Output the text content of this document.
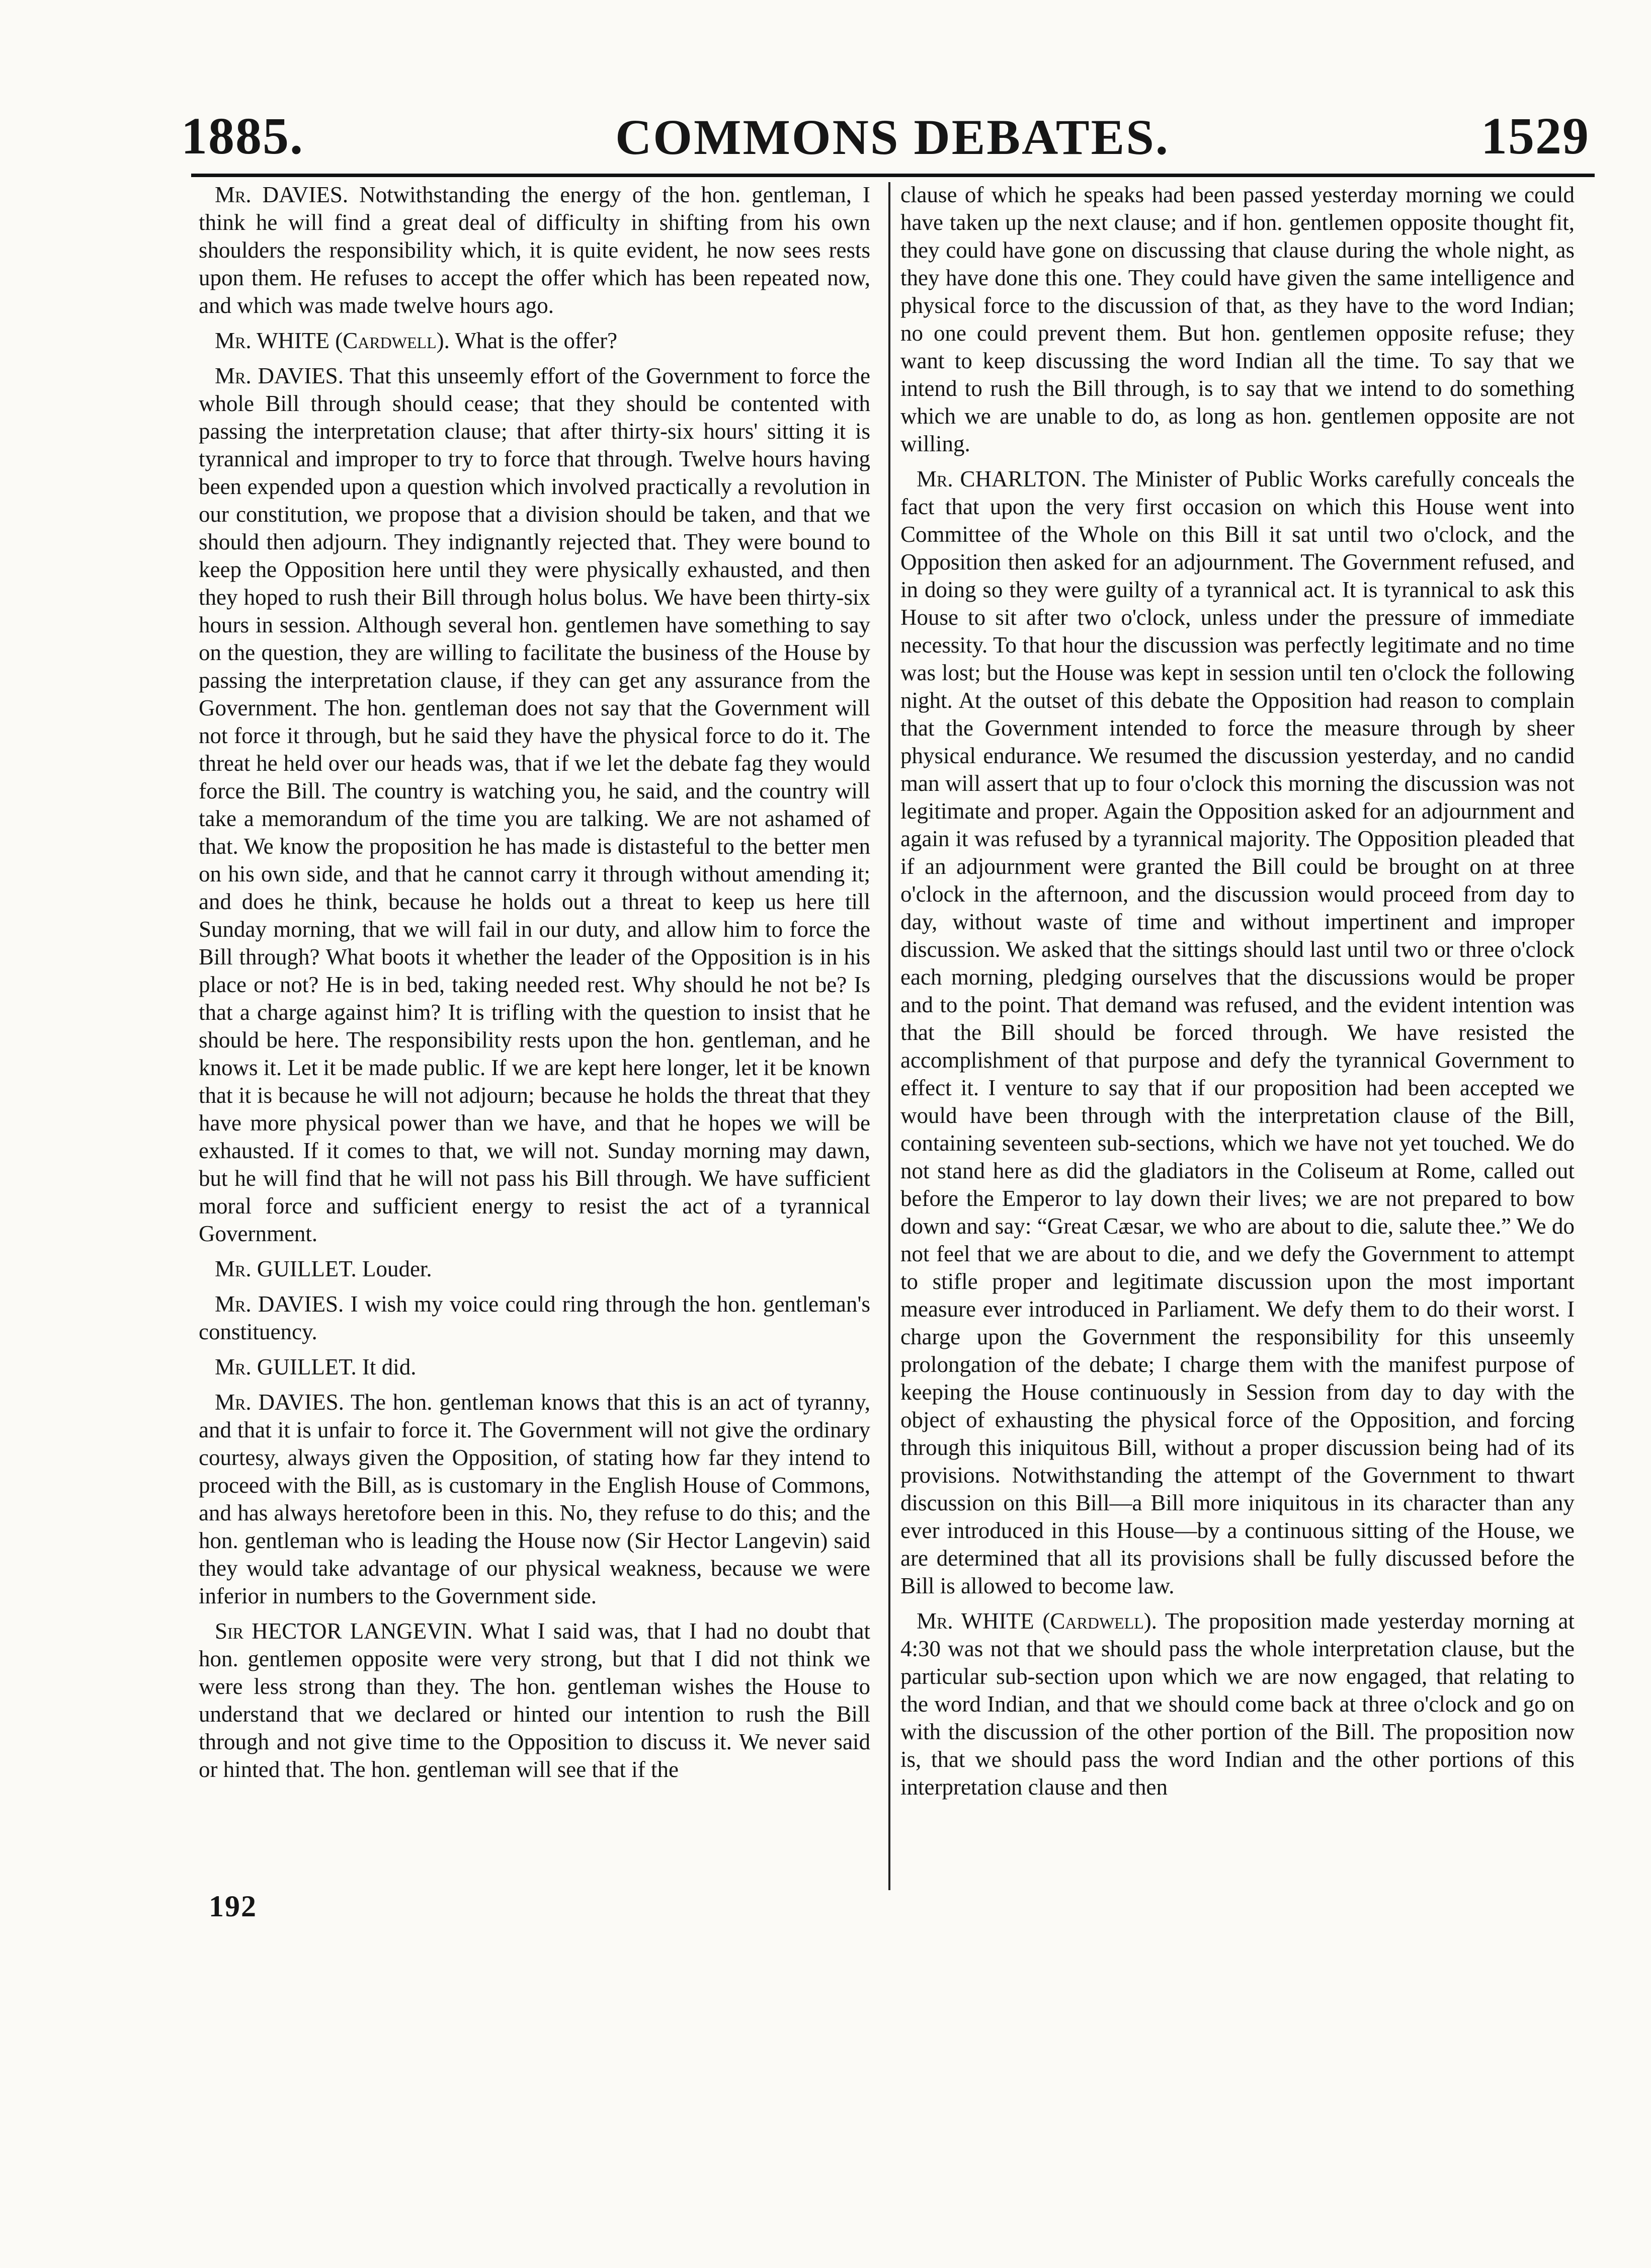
1885.	COMMONS DEBATES.	1529

Mr. DAVIES. Notwithstanding the energy of the hon. gentleman, I think he will find a great deal of difficulty in shifting from his own shoulders the responsibility which, it is quite evident, he now sees rests upon them. He refuses to accept the offer which has been repeated now, and which was made twelve hours ago.

Mr. WHITE (Cardwell). What is the offer?

Mr. DAVIES. That this unseemly effort of the Government to force the whole Bill through should cease; that they should be contented with passing the interpretation clause; that after thirty-six hours' sitting it is tyrannical and improper to try to force that through. Twelve hours having been expended upon a question which involved practically a revolution in our constitution, we propose that a division should be taken, and that we should then adjourn. They indignantly rejected that. They were bound to keep the Opposition here until they were physically exhausted, and then they hoped to rush their Bill through holus bolus. We have been thirty-six hours in session. Although several hon. gentlemen have something to say on the question, they are willing to facilitate the business of the House by passing the interpretation clause, if they can get any assurance from the Government. The hon. gentleman does not say that the Government will not force it through, but he said they have the physical force to do it. The threat he held over our heads was, that if we let the debate fag they would force the Bill. The country is watching you, he said, and the country will take a memorandum of the time you are talking. We are not ashamed of that. We know the proposition he has made is distasteful to the better men on his own side, and that he cannot carry it through without amending it; and does he think, because he holds out a threat to keep us here till Sunday morning, that we will fail in our duty, and allow him to force the Bill through? What boots it whether the leader of the Opposition is in his place or not? He is in bed, taking needed rest. Why should he not be? Is that a charge against him? It is trifling with the question to insist that he should be here. The responsibility rests upon the hon. gentleman, and he knows it. Let it be made public. If we are kept here longer, let it be known that it is because he will not adjourn; because he holds the threat that they have more physical power than we have, and that he hopes we will be exhausted. If it comes to that, we will not. Sunday morning may dawn, but he will find that he will not pass his Bill through. We have sufficient moral force and sufficient energy to resist the act of a tyrannical Government.

Mr. GUILLET. Louder.

Mr. DAVIES. I wish my voice could ring through the hon. gentleman's constituency.

Mr. GUILLET. It did.

Mr. DAVIES. The hon. gentleman knows that this is an act of tyranny, and that it is unfair to force it. The Government will not give the ordinary courtesy, always given the Opposition, of stating how far they intend to proceed with the Bill, as is customary in the English House of Commons, and has always heretofore been in this. No, they refuse to do this; and the hon. gentleman who is leading the House now (Sir Hector Langevin) said they would take advantage of our physical weakness, because we were inferior in numbers to the Government side.

Sir HECTOR LANGEVIN. What I said was, that I had no doubt that hon. gentlemen opposite were very strong, but that I did not think we were less strong than they. The hon. gentleman wishes the House to understand that we declared or hinted our intention to rush the Bill through and not give time to the Opposition to discuss it. We never said or hinted that. The hon. gentleman will see that if the

clause of which he speaks had been passed yesterday morning we could have taken up the next clause; and if hon. gentlemen opposite thought fit, they could have gone on discussing that clause during the whole night, as they have done this one. They could have given the same intelligence and physical force to the discussion of that, as they have to the word Indian; no one could prevent them. But hon. gentlemen opposite refuse; they want to keep discussing the word Indian all the time. To say that we intend to rush the Bill through, is to say that we intend to do something which we are unable to do, as long as hon. gentlemen opposite are not willing.

Mr. CHARLTON. The Minister of Public Works carefully conceals the fact that upon the very first occasion on which this House went into Committee of the Whole on this Bill it sat until two o'clock, and the Opposition then asked for an adjournment. The Government refused, and in doing so they were guilty of a tyrannical act. It is tyrannical to ask this House to sit after two o'clock, unless under the pressure of immediate necessity. To that hour the discussion was perfectly legitimate and no time was lost; but the House was kept in session until ten o'clock the following night. At the outset of this debate the Opposition had reason to complain that the Government intended to force the measure through by sheer physical endurance. We resumed the discussion yesterday, and no candid man will assert that up to four o'clock this morning the discussion was not legitimate and proper. Again the Opposition asked for an adjournment and again it was refused by a tyrannical majority. The Opposition pleaded that if an adjournment were granted the Bill could be brought on at three o'clock in the afternoon, and the discussion would proceed from day to day, without waste of time and without impertinent and improper discussion. We asked that the sittings should last until two or three o'clock each morning, pledging ourselves that the discussions would be proper and to the point. That demand was refused, and the evident intention was that the Bill should be forced through. We have resisted the accomplishment of that purpose and defy the tyrannical Government to effect it. I venture to say that if our proposition had been accepted we would have been through with the interpretation clause of the Bill, containing seventeen sub-sections, which we have not yet touched. We do not stand here as did the gladiators in the Coliseum at Rome, called out before the Emperor to lay down their lives; we are not prepared to bow down and say: “Great Cæsar, we who are about to die, salute thee.” We do not feel that we are about to die, and we defy the Government to attempt to stifle proper and legitimate discussion upon the most important measure ever introduced in Parliament. We defy them to do their worst. I charge upon the Government the responsibility for this unseemly prolongation of the debate; I charge them with the manifest purpose of keeping the House continuously in Session from day to day with the object of exhausting the physical force of the Opposition, and forcing through this iniquitous Bill, without a proper discussion being had of its provisions. Notwithstanding the attempt of the Government to thwart discussion on this Bill—a Bill more iniquitous in its character than any ever introduced in this House—by a continuous sitting of the House, we are determined that all its provisions shall be fully discussed before the Bill is allowed to become law.

Mr. WHITE (Cardwell). The proposition made yesterday morning at 4:30 was not that we should pass the whole interpretation clause, but the particular sub-section upon which we are now engaged, that relating to the word Indian, and that we should come back at three o'clock and go on with the discussion of the other portion of the Bill. The proposition now is, that we should pass the word Indian and the other portions of this interpretation clause and then

192
